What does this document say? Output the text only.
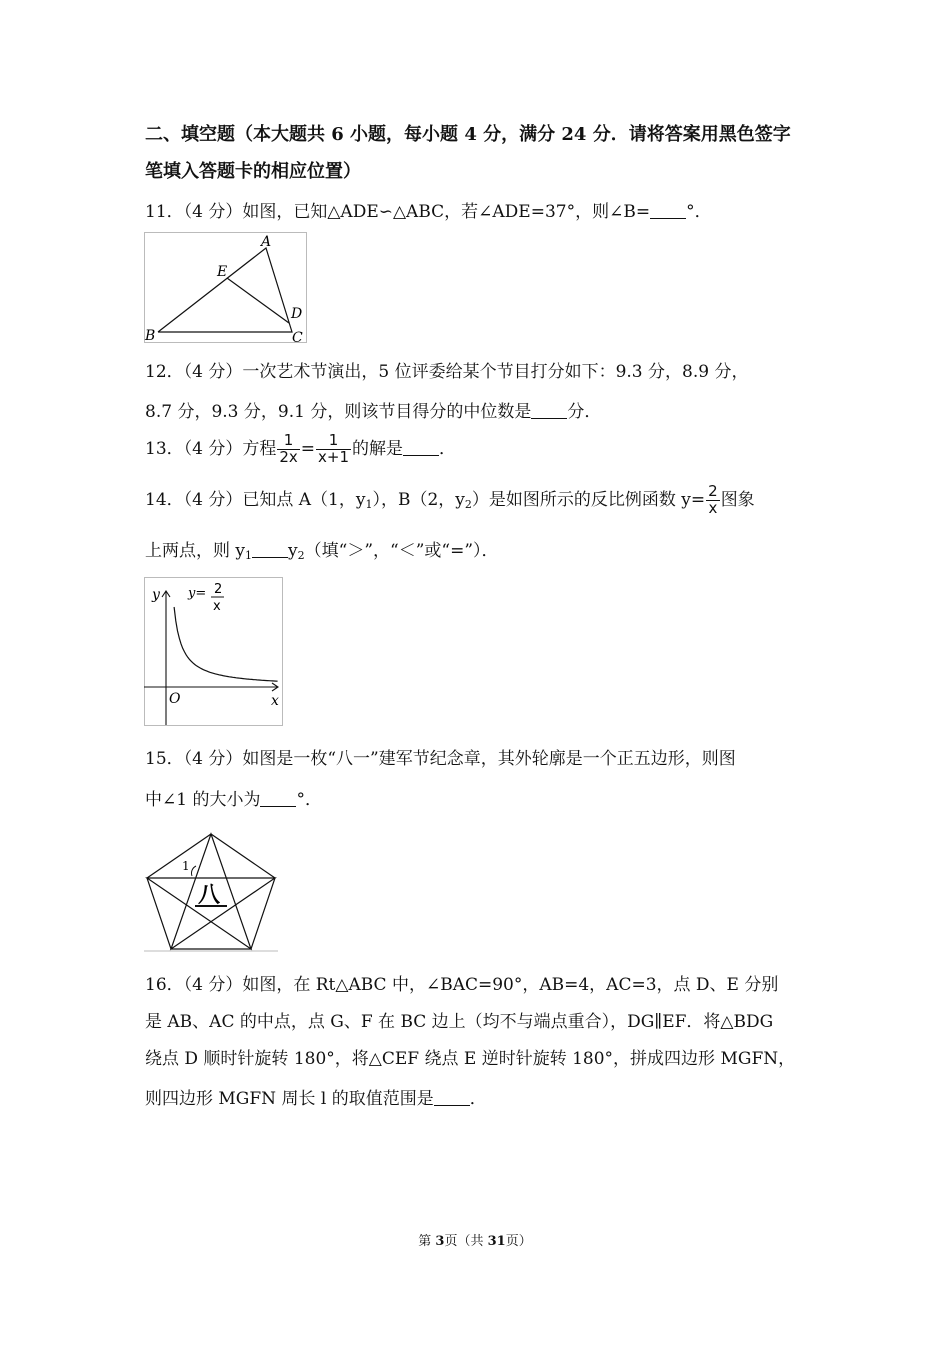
二、填空题（本大题共 6 小题，每小题 4 分，满分 24 分．请将答案用黑色签字
笔填入答题卡的相应位置）
11．（4 分）如图，已知△ADE∽△ABC，若∠ADE=37°，则∠B= °．
A
E
D
B	C
12．（4 分）一次艺术节演出，5 位评委给某个节目打分如下：9.3 分，8.9 分，
8.7 分，9.3 分，9.1 分，则该节目得分的中位数是 分．
13．（4 分）方程 $\frac{1}{2x} = \frac{1}{x+1}$ 的解是 ．
14．（4 分）已知点 A（1，$y_1$），B（2，$y_2$）是如图所示的反比例函数 $y= \frac{2}{x}$ 图象
上两点，则 $y_1$ $y_2$（填“＞”，“＜”或“=”）．
y
x
O
y= 2
x
15．（4 分）如图是一枚“八一”建军节纪念章，其外轮廓是一个正五边形，则图
中∠1 的大小为 °．
1
八
16．（4 分）如图，在 Rt△ABC 中，∠BAC=90°，AB=4，AC=3，点 D、E 分别
是 AB、AC 的中点，点 G、F 在 BC 边上（均不与端点重合），DG∥EF．将△BDG
绕点 D 顺时针旋转 180°，将△CEF 绕点 E 逆时针旋转 180°，拼成四边形 MGFN，
则四边形 MGFN 周长 l 的取值范围是 ．
第 3页（共 31页）
